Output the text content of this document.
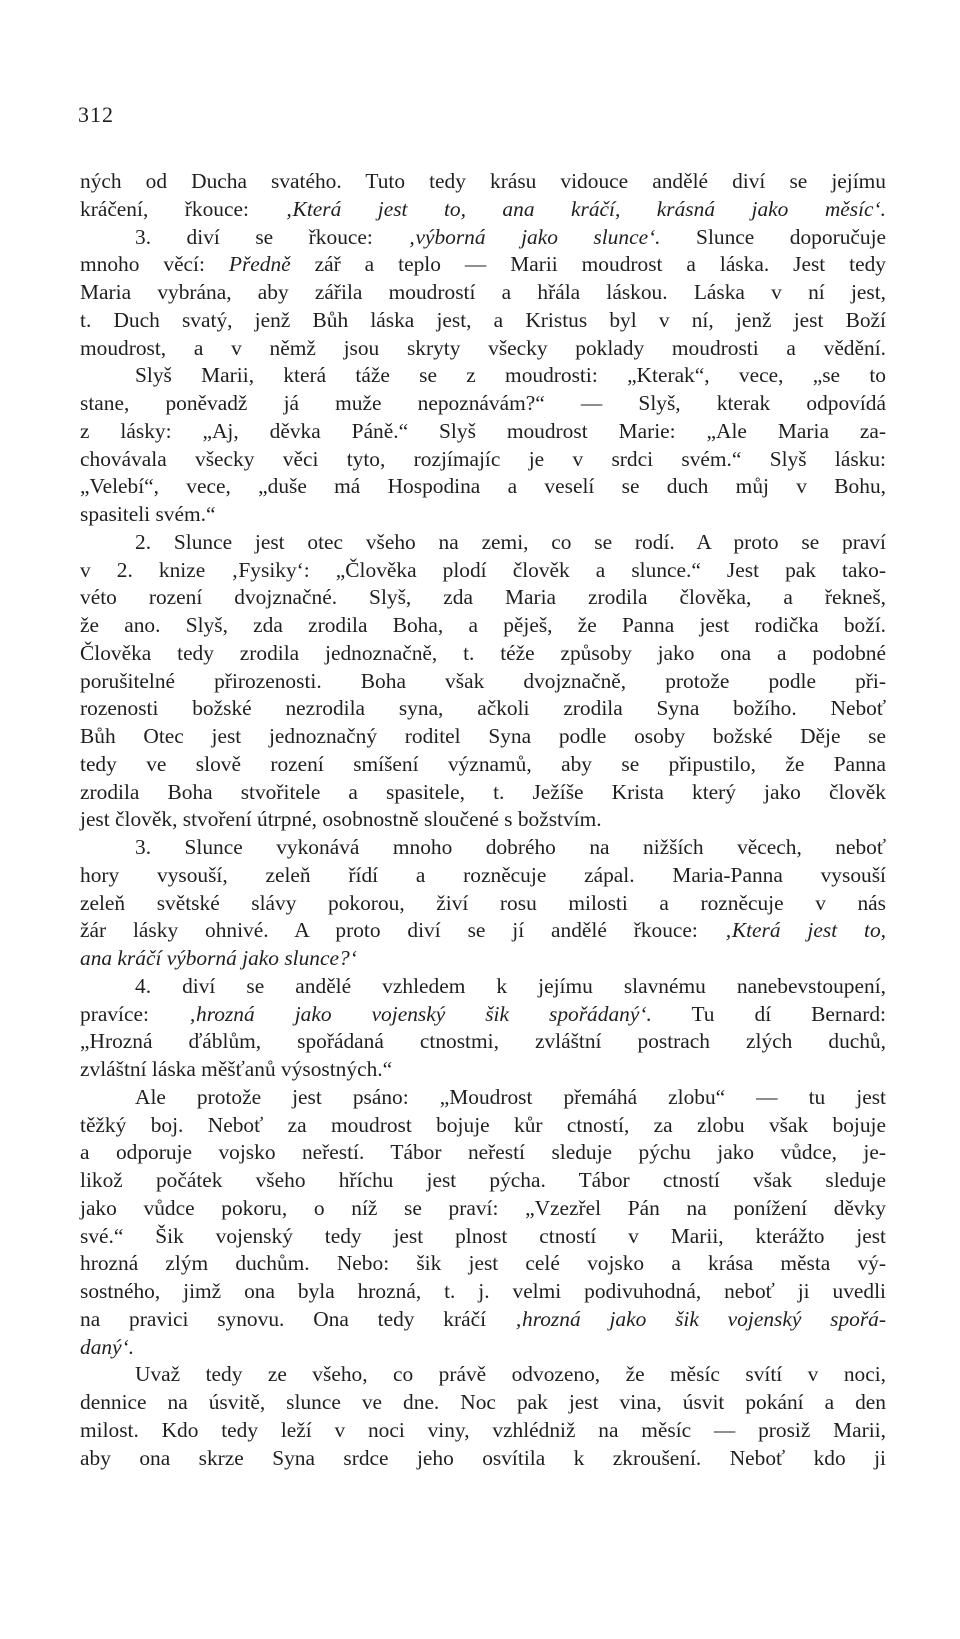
312
ných od Ducha svatého. Tuto tedy krásu vidouce andělé diví se jejímu
kráčení, řkouce: ‚Která jest to, ana kráčí, krásná jako měsíc‘.
3. diví se řkouce: ‚výborná jako slunce‘. Slunce doporučuje
mnoho věcí: Předně zář a teplo — Marii moudrost a láska. Jest tedy
Maria vybrána, aby zářila moudrostí a hřála láskou. Láska v ní jest,
t. Duch svatý, jenž Bůh láska jest, a Kristus byl v ní, jenž jest Boží
moudrost, a v němž jsou skryty všecky poklady moudrosti a vědění.
Slyš Marii, která táže se z moudrosti: „Kterak“, vece, „se to
stane, poněvadž já muže nepoznávám?“ — Slyš, kterak odpovídá
z lásky: „Aj, děvka Páně.“ Slyš moudrost Marie: „Ale Maria za-
chovávala všecky věci tyto, rozjímajíc je v srdci svém.“ Slyš lásku:
„Velebí“, vece, „duše má Hospodina a veselí se duch můj v Bohu,
spasiteli svém.“
2. Slunce jest otec všeho na zemi, co se rodí. A proto se praví
v 2. knize ‚Fysiky‘: „Člověka plodí člověk a slunce.“ Jest pak tako-
véto rození dvojznačné. Slyš, zda Maria zrodila člověka, a řekneš,
že ano. Slyš, zda zrodila Boha, a pěješ, že Panna jest rodička boží.
Člověka tedy zrodila jednoznačně, t. téže způsoby jako ona a podobné
porušitelné přirozenosti. Boha však dvojznačně, protože podle při-
rozenosti božské nezrodila syna, ačkoli zrodila Syna božího. Neboť
Bůh Otec jest jednoznačný roditel Syna podle osoby božské Děje se
tedy ve slově rození smíšení významů, aby se připustilo, že Panna
zrodila Boha stvořitele a spasitele, t. Ježíše Krista který jako člověk
jest člověk, stvoření útrpné, osobnostně sloučené s božstvím.
3. Slunce vykonává mnoho dobrého na nižších věcech, neboť
hory vysouší, zeleň řídí a rozněcuje zápal. Maria-Panna vysouší
zeleň světské slávy pokorou, živí rosu milosti a rozněcuje v nás
žár lásky ohnivé. A proto diví se jí andělé řkouce: ‚Která jest to,
ana kráčí výborná jako slunce?‘
4. diví se andělé vzhledem k jejímu slavnému nanebevstoupení,
pravíce: ‚hrozná jako vojenský šik spořádaný‘. Tu dí Bernard:
„Hrozná ďáblům, spořádaná ctnostmi, zvláštní postrach zlých duchů,
zvláštní láska měšťanů výsostných.“
Ale protože jest psáno: „Moudrost přemáhá zlobu“ — tu jest
těžký boj. Neboť za moudrost bojuje kůr ctností, za zlobu však bojuje
a odporuje vojsko neřestí. Tábor neřestí sleduje pýchu jako vůdce, je-
likož počátek všeho hříchu jest pýcha. Tábor ctností však sleduje
jako vůdce pokoru, o níž se praví: „Vzezřel Pán na ponížení děvky
své.“ Šik vojenský tedy jest plnost ctností v Marii, kterážto jest
hrozná zlým duchům. Nebo: šik jest celé vojsko a krása města vý-
sostného, jimž ona byla hrozná, t. j. velmi podivuhodná, neboť ji uvedli
na pravici synovu. Ona tedy kráčí ‚hrozná jako šik vojenský spořá-
daný‘.
Uvaž tedy ze všeho, co právě odvozeno, že měsíc svítí v noci,
dennice na úsvitě, slunce ve dne. Noc pak jest vina, úsvit pokání a den
milost. Kdo tedy leží v noci viny, vzhlédniž na měsíc — prosiž Marii,
aby ona skrze Syna srdce jeho osvítila k zkroušení. Neboť kdo ji
